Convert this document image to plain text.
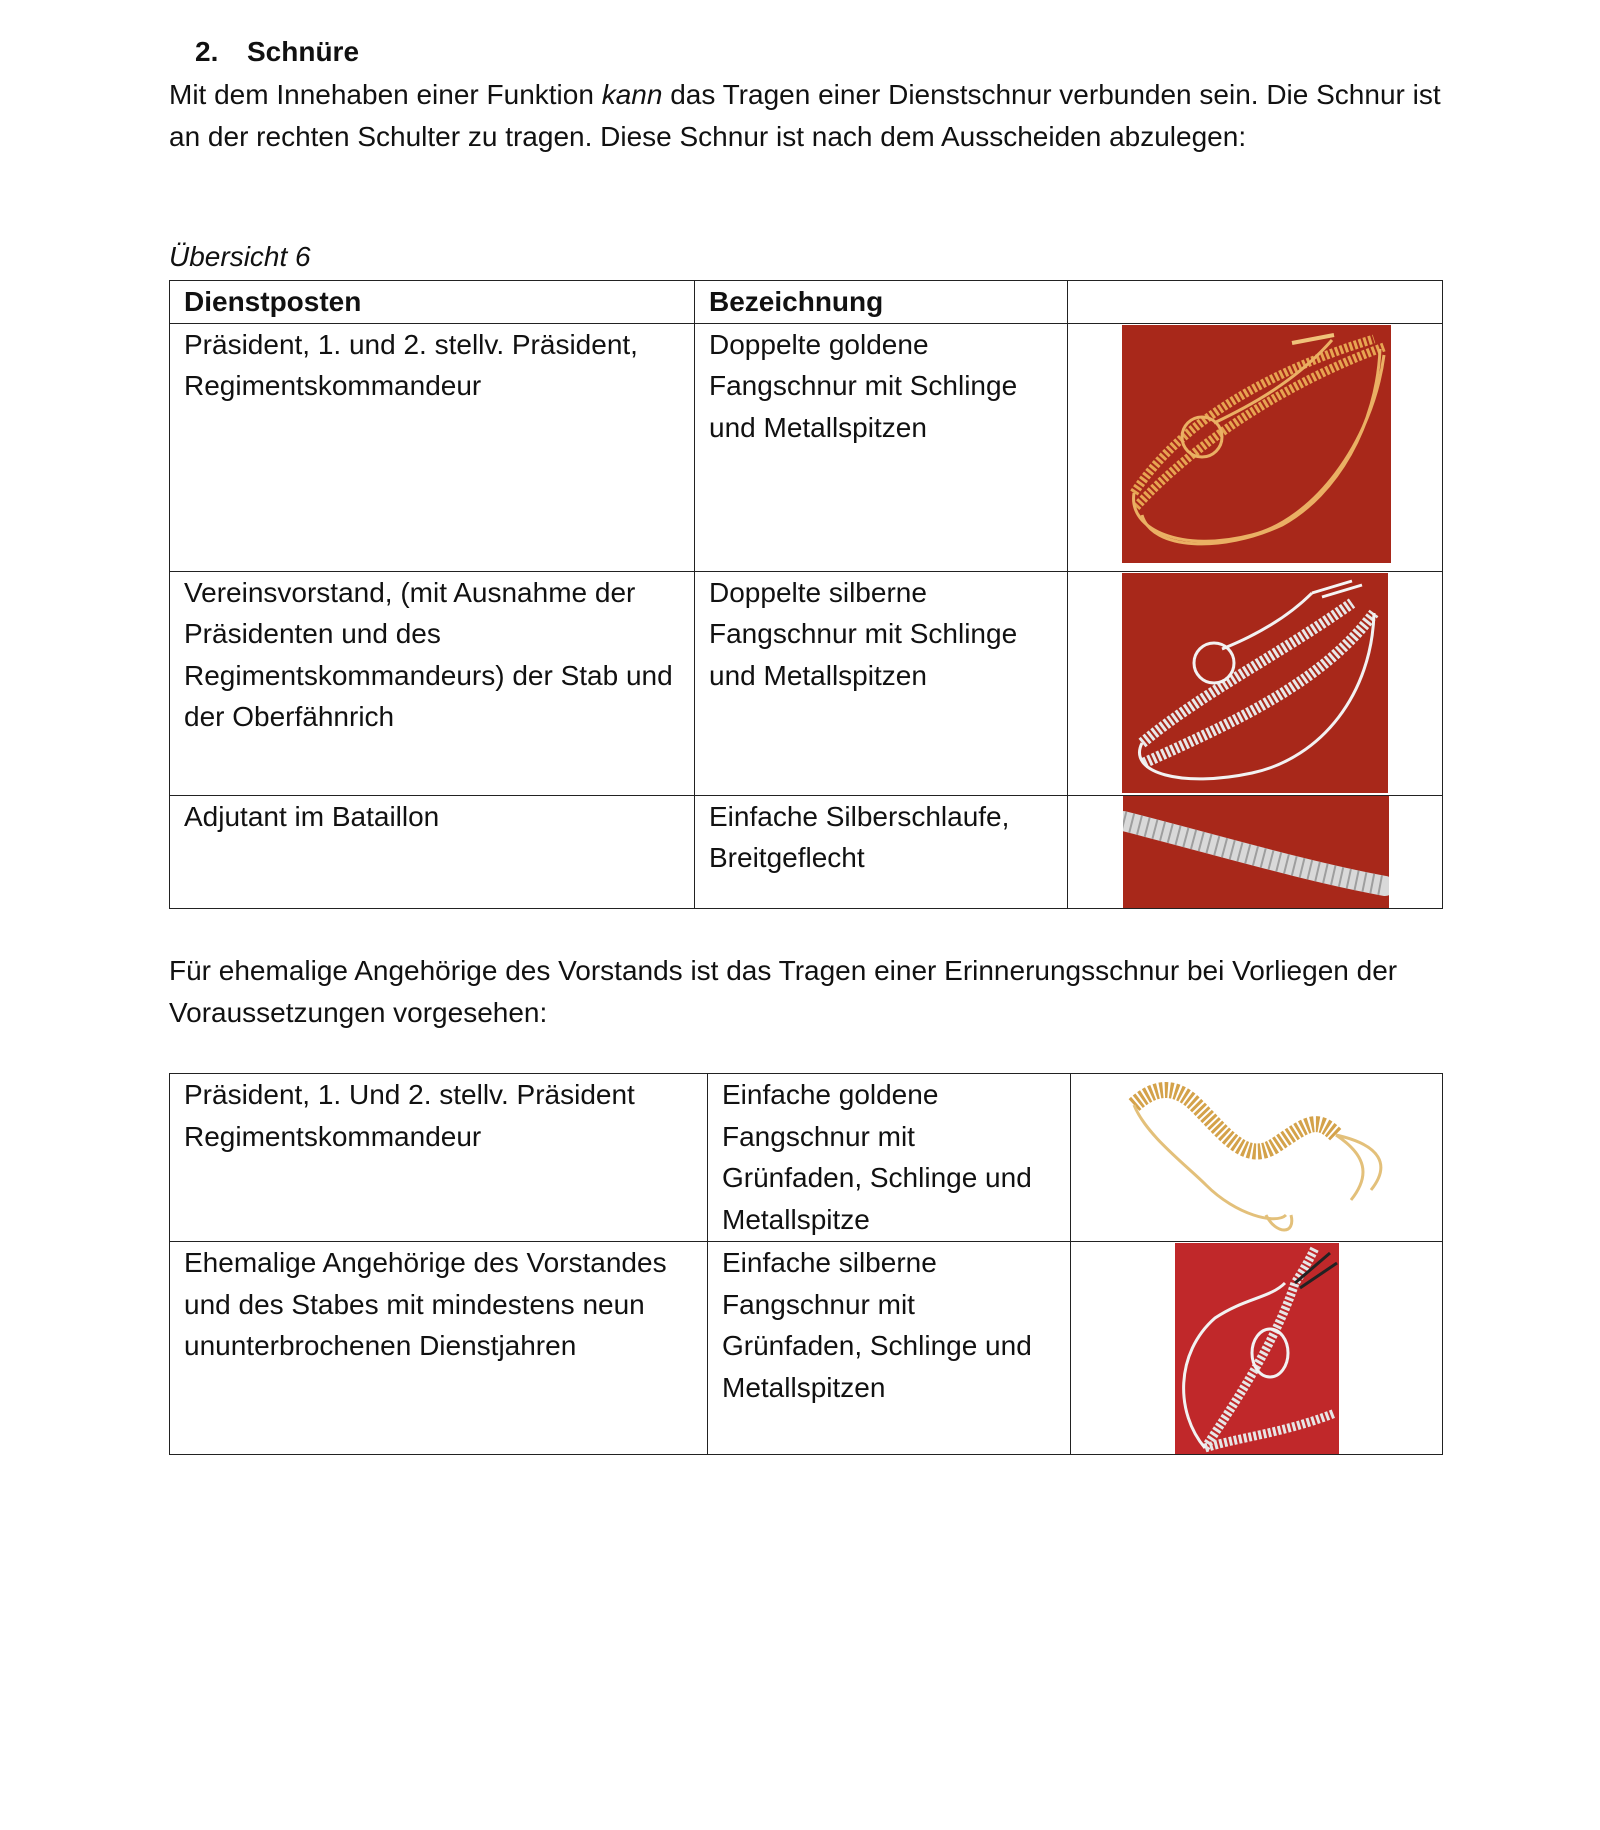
2. Schnüre
Mit dem Innehaben einer Funktion kann das Tragen einer Dienstschnur verbunden sein. Die Schnur ist an der rechten Schulter zu tragen. Diese Schnur ist nach dem Ausscheiden abzulegen:
Übersicht 6
Dienstposten	Bezeichnung	
Präsident, 1. und 2. stellv. Präsident, Regimentskommandeur	Doppelte goldene Fangschnur mit Schlinge und Metallspitzen	

Vereinsvorstand, (mit Ausnahme der Präsidenten und des Regimentskommandeurs) der Stab und der Oberfähnrich	Doppelte silberne Fangschnur mit Schlinge und Metallspitzen	

Adjutant im Bataillon	Einfache Silberschlaufe, Breitgeflecht	
Für ehemalige Angehörige des Vorstands ist das Tragen einer Erinnerungsschnur bei Vorliegen der Voraussetzungen vorgesehen:
Präsident, 1. Und 2. stellv. Präsident Regimentskommandeur	Einfache goldene Fangschnur mit Grünfaden, Schlinge und Metallspitze	

Ehemalige Angehörige des Vorstandes und des Stabes mit mindestens neun ununterbrochenen Dienstjahren	Einfache silberne Fangschnur mit Grünfaden, Schlinge und Metallspitzen	
